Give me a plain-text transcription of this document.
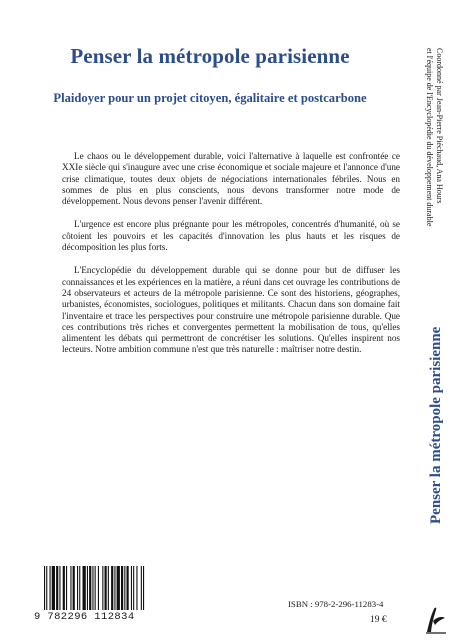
Penser la métropole parisienne
Plaidoyer pour un projet citoyen, égalitaire et postcarbone

Le chaos ou le développement durable, voici l'alternative à laquelle est confrontée ce XXIe siècle qui s'inaugure avec une crise économique et sociale majeure et l'annonce d'une crise climatique, toutes deux objets de négociations internationales fébriles. Nous en sommes de plus en plus conscients, nous devons transformer notre mode de développement. Nous devons penser l'avenir différent.

L'urgence est encore plus prégnante pour les métropoles, concentrés d'humanité, où se côtoient les pouvoirs et les capacités d'innovation les plus hauts et les risques de décomposition les plus forts.

L'Encyclopédie du développement durable qui se donne pour but de diffuser les connaissances et les expériences en la matière, a réuni dans cet ouvrage les contributions de 24 observateurs et acteurs de la métropole parisienne. Ce sont des historiens, géographes, urbanistes, économistes, sociologues, politiques et militants. Chacun dans son domaine fait l'inventaire et trace les perspectives pour construire une métropole parisienne durable. Que ces contributions très riches et convergentes permettent la mobilisation de tous, qu'elles alimentent les débats qui permettront de concrétiser les solutions. Qu'elles inspirent nos lecteurs. Notre ambition commune n'est que très naturelle : maîtriser notre destin.

Coordonné par Jean-Pierre Piéchaud, Ana Hours
et l'équipe de l'Encyclopédie du développement durable
Penser la métropole parisienne
9 782296 112834
ISBN : 978-2-296-11283-4
19 €
